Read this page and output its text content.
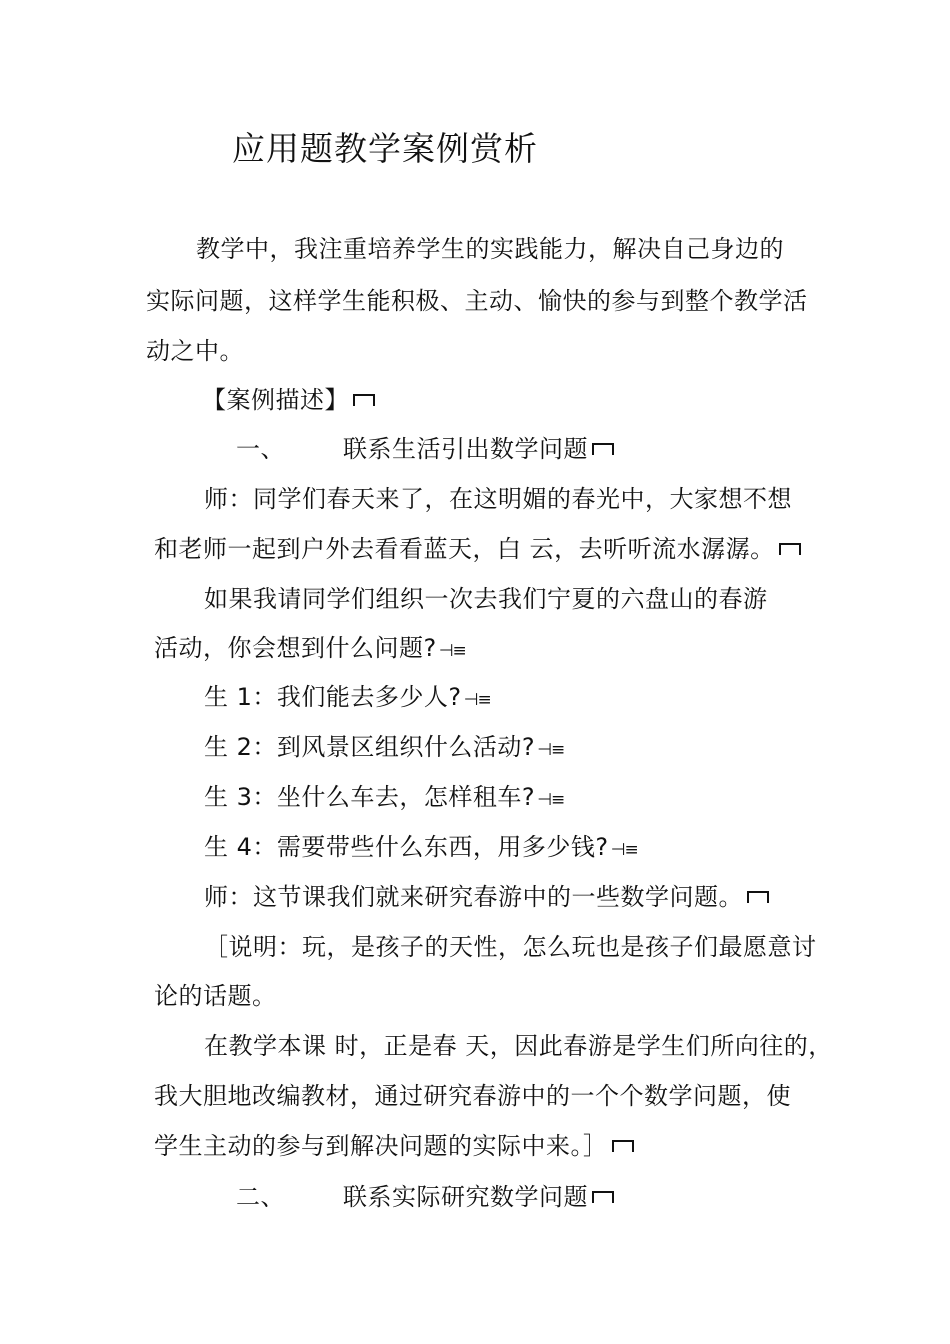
应用题教学案例赏析
教学中，我注重培养学生的实践能力，解决自己身边的
实际问题，这样学生能积极、主动、愉快的参与到整个教学活
动之中。
【案例描述】
一、 联系生活引出数学问题
师：同学们春天来了，在这明媚的春光中，大家想不想
和老师一起到户外去看看蓝天，白 云，去听听流水潺潺。
如果我请同学们组织一次去我们宁夏的六盘山的春游
活动，你会想到什么问题? ⊣≡
生 1：我们能去多少人? ⊣≡
生 2：到风景区组织什么活动? ⊣≡
生 3：坐什么车去，怎样租车? ⊣≡
生 4：需要带些什么东西，用多少钱? ⊣≡
师：这节课我们就来研究春游中的一些数学问题。
［说明：玩，是孩子的天性，怎么玩也是孩子们最愿意讨
论的话题。
在教学本课 时，正是春 天，因此春游是学生们所向往的，
我大胆地改编教材，通过研究春游中的一个个数学问题，使
学生主动的参与到解决问题的实际中来。］
二、 联系实际研究数学问题
